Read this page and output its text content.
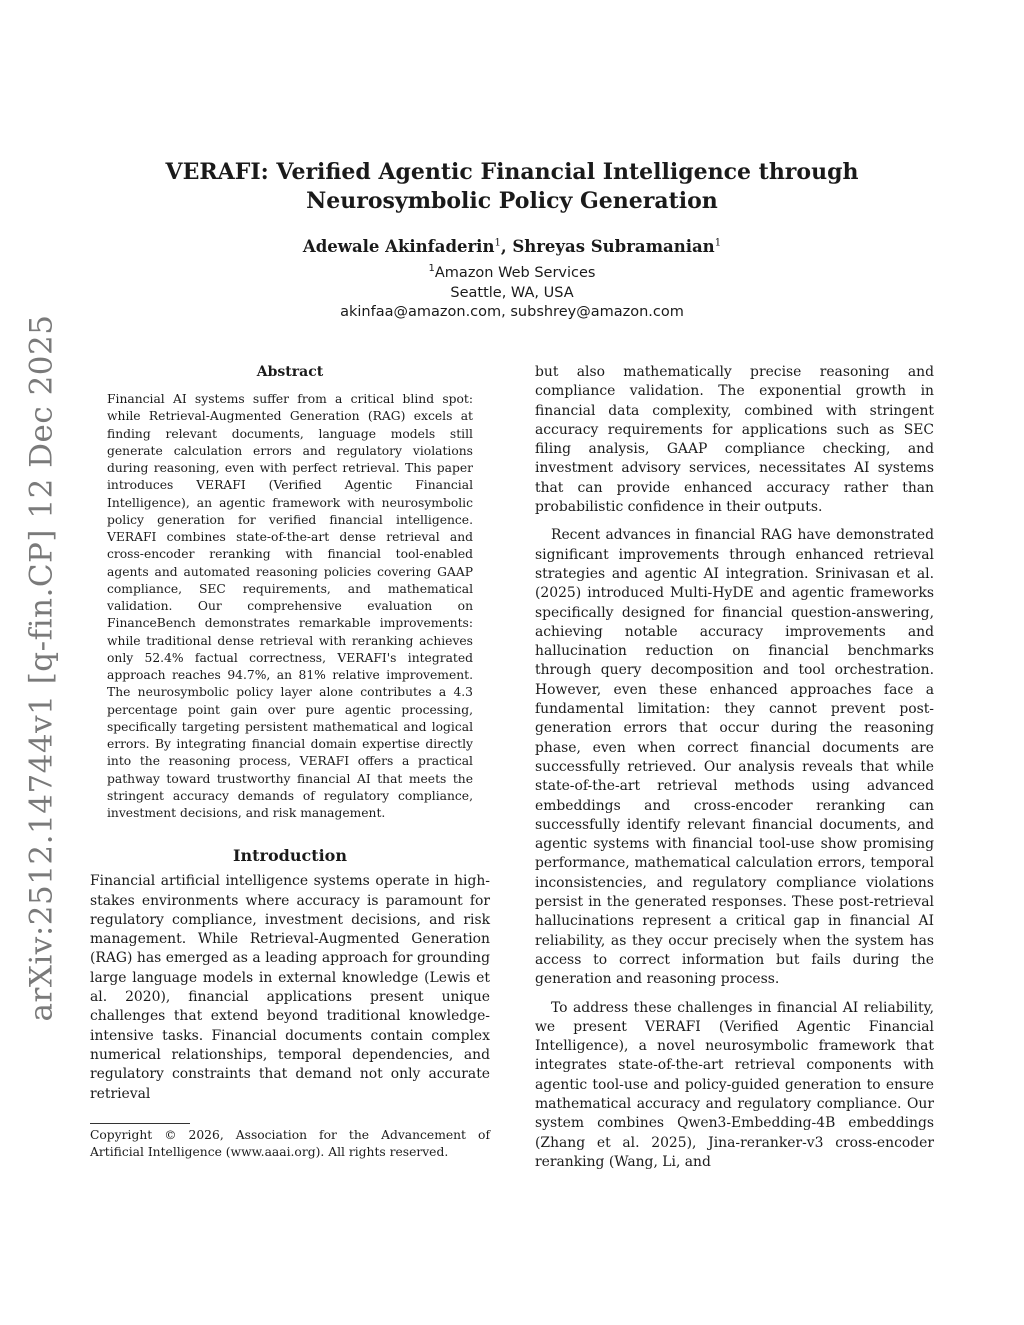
arXiv:2512.14744v1 [q-fin.CP] 12 Dec 2025
VERAFI: Verified Agentic Financial Intelligence through
Neurosymbolic Policy Generation
Adewale Akinfaderin$^1$, Shreyas Subramanian$^1$
$^1$Amazon Web Services
Seattle, WA, USA
akinfaa@amazon.com, subshrey@amazon.com

Abstract

Financial AI systems suffer from a critical blind spot: while Retrieval-Augmented Generation (RAG) excels at finding relevant documents, language models still generate calculation errors and regulatory violations during reasoning, even with perfect retrieval. This paper introduces VERAFI (Verified Agentic Financial Intelligence), an agentic framework with neurosymbolic policy generation for verified financial intelligence. VERAFI combines state-of-the-art dense retrieval and cross-encoder reranking with financial tool-enabled agents and automated reasoning policies covering GAAP compliance, SEC requirements, and mathematical validation. Our comprehensive evaluation on FinanceBench demonstrates remarkable improvements: while traditional dense retrieval with reranking achieves only 52.4% factual correctness, VERAFI's integrated approach reaches 94.7%, an 81% relative improvement. The neurosymbolic policy layer alone contributes a 4.3 percentage point gain over pure agentic processing, specifically targeting persistent mathematical and logical errors. By integrating financial domain expertise directly into the reasoning process, VERAFI offers a practical pathway toward trustworthy financial AI that meets the stringent accuracy demands of regulatory compliance, investment decisions, and risk management.

Introduction

Financial artificial intelligence systems operate in high-stakes environments where accuracy is paramount for regulatory compliance, investment decisions, and risk management. While Retrieval-Augmented Generation (RAG) has emerged as a leading approach for grounding large language models in external knowledge (Lewis et al. 2020), financial applications present unique challenges that extend beyond traditional knowledge-intensive tasks. Financial documents contain complex numerical relationships, temporal dependencies, and regulatory constraints that demand not only accurate retrieval

Copyright © 2026, Association for the Advancement of Artificial Intelligence (www.aaai.org). All rights reserved.

but also mathematically precise reasoning and compliance validation. The exponential growth in financial data complexity, combined with stringent accuracy requirements for applications such as SEC filing analysis, GAAP compliance checking, and investment advisory services, necessitates AI systems that can provide enhanced accuracy rather than probabilistic confidence in their outputs.

Recent advances in financial RAG have demonstrated significant improvements through enhanced retrieval strategies and agentic AI integration. Srinivasan et al. (2025) introduced Multi-HyDE and agentic frameworks specifically designed for financial question-answering, achieving notable accuracy improvements and hallucination reduction on financial benchmarks through query decomposition and tool orchestration. However, even these enhanced approaches face a fundamental limitation: they cannot prevent post-generation errors that occur during the reasoning phase, even when correct financial documents are successfully retrieved. Our analysis reveals that while state-of-the-art retrieval methods using advanced embeddings and cross-encoder reranking can successfully identify relevant financial documents, and agentic systems with financial tool-use show promising performance, mathematical calculation errors, temporal inconsistencies, and regulatory compliance violations persist in the generated responses. These post-retrieval hallucinations represent a critical gap in financial AI reliability, as they occur precisely when the system has access to correct information but fails during the generation and reasoning process.

To address these challenges in financial AI reliability, we present VERAFI (Verified Agentic Financial Intelligence), a novel neurosymbolic framework that integrates state-of-the-art retrieval components with agentic tool-use and policy-guided generation to ensure mathematical accuracy and regulatory compliance. Our system combines Qwen3-Embedding-4B embeddings (Zhang et al. 2025), Jina-reranker-v3 cross-encoder reranking (Wang, Li, and
